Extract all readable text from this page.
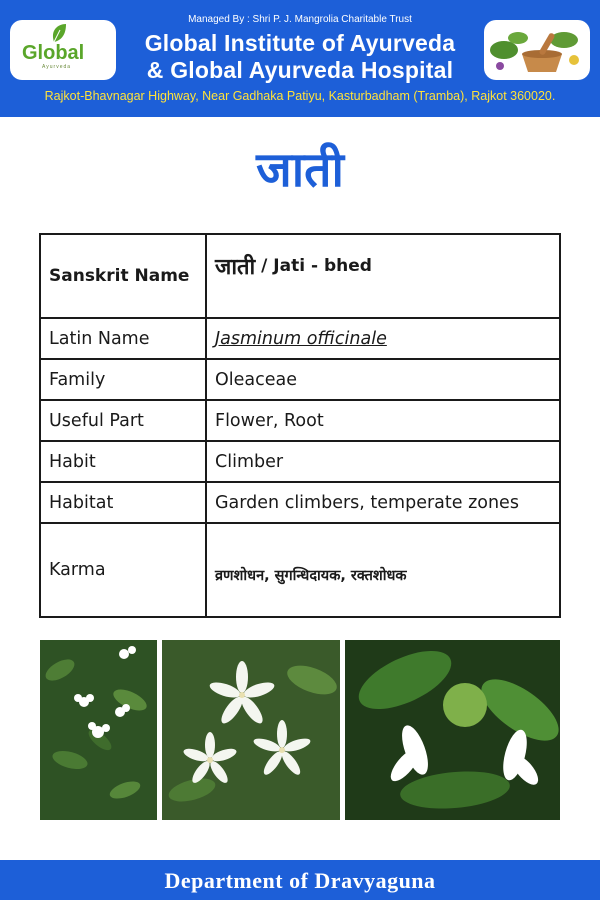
Global
Ayurveda
Managed By : Shri P. J. Mangrolia Charitable Trust
Global Institute of Ayurveda
& Global Ayurveda Hospital
Rajkot-Bhavnagar Highway, Near Gadhaka Patiyu, Kasturbadham (Tramba), Rajkot 360020.
जाती
Sanskrit Name	जाती / Jati - bhed
Latin Name	Jasminum officinale
Family	Oleaceae
Useful Part	Flower, Root
Habit	Climber
Habitat	Garden climbers, temperate zones
Karma	व्रणशोधन, सुगन्धिदायक, रक्तशोधक
Department of Dravyaguna
